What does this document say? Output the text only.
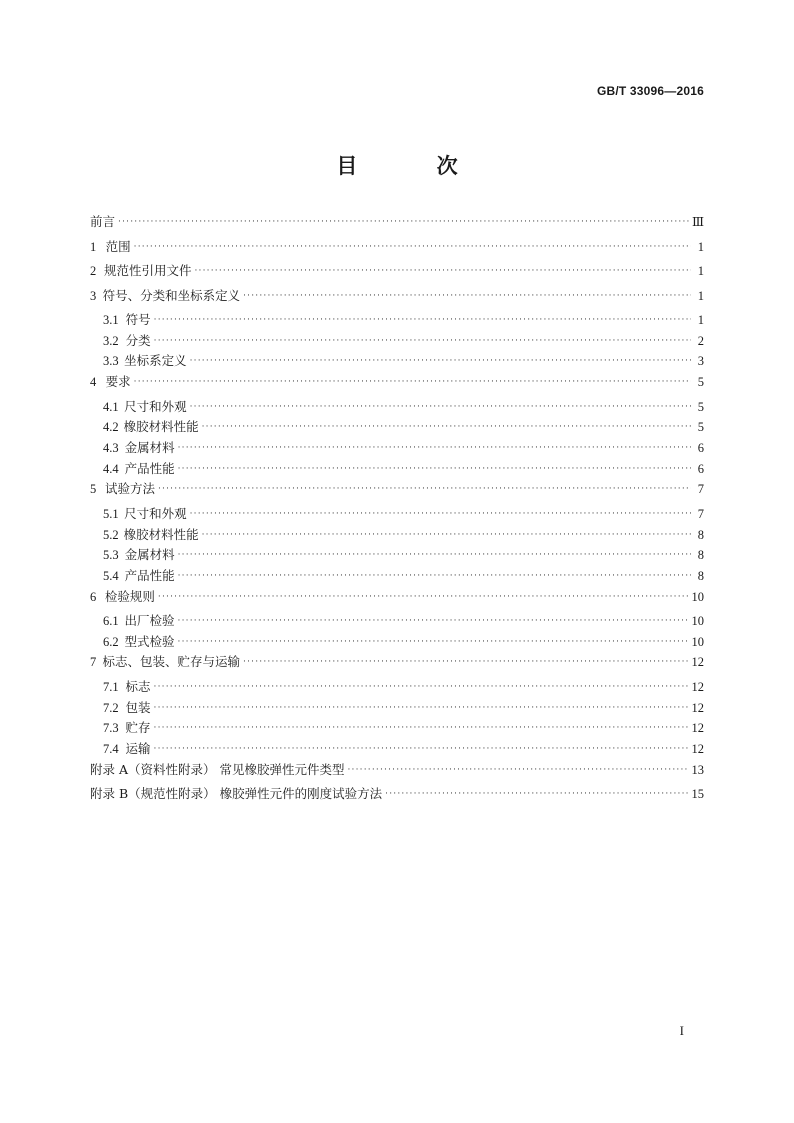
GB/T 33096—2016
目 次
前言 ·····	Ⅲ
1 范围 ·····	1
2 规范性引用文件 ·····	1
3 符号、分类和坐标系定义 ·····	1
3.1 符号 ·····	1
3.2 分类 ·····	2
3.3 坐标系定义 ·····	3
4 要求 ·····	5
4.1 尺寸和外观 ·····	5
4.2 橡胶材料性能 ·····	5
4.3 金属材料 ·····	6
4.4 产品性能 ·····	6
5 试验方法 ·····	7
5.1 尺寸和外观 ·····	7
5.2 橡胶材料性能 ·····	8
5.3 金属材料 ·····	8
5.4 产品性能 ·····	8
6 检验规则 ·····	10
6.1 出厂检验 ·····	10
6.2 型式检验 ·····	10
7 标志、包装、贮存与运输 ·····	12
7.1 标志 ·····	12
7.2 包装 ·····	12
7.3 贮存 ·····	12
7.4 运输 ·····	12
附录 A（资料性附录） 常见橡胶弹性元件类型 ·····	13
附录 B（规范性附录） 橡胶弹性元件的刚度试验方法 ·····	15
I
